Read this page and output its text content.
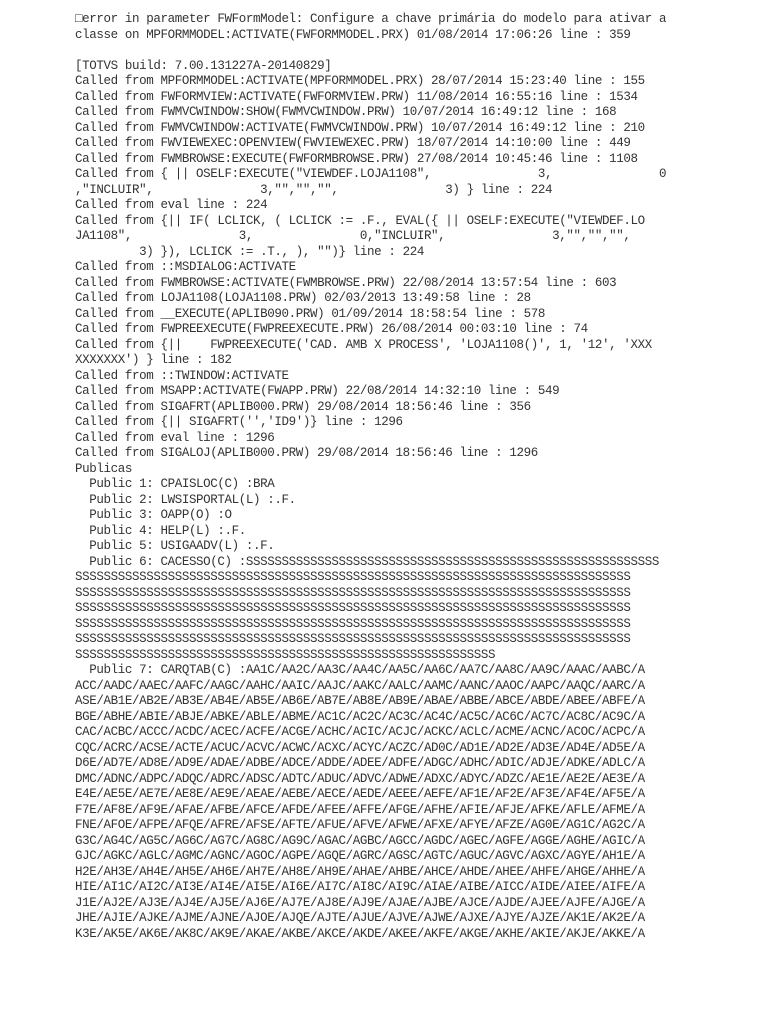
□error in parameter FWFormModel: Configure a chave primária do modelo para ativar a
classe on MPFORMMODEL:ACTIVATE(FWFORMMODEL.PRX) 01/08/2014 17:06:26 line : 359
[TOTVS build: 7.00.131227A-20140829]
Called from MPFORMMODEL:ACTIVATE(MPFORMMODEL.PRX) 28/07/2014 15:23:40 line : 155
Called from FWFORMVIEW:ACTIVATE(FWFORMVIEW.PRW) 11/08/2014 16:55:16 line : 1534
Called from FWMVCWINDOW:SHOW(FWMVCWINDOW.PRW) 10/07/2014 16:49:12 line : 168
Called from FWMVCWINDOW:ACTIVATE(FWMVCWINDOW.PRW) 10/07/2014 16:49:12 line : 210
Called from FWVIEWEXEC:OPENVIEW(FWVIEWEXEC.PRW) 18/07/2014 14:10:00 line : 449
Called from FWMBROWSE:EXECUTE(FWFORMBROWSE.PRW) 27/08/2014 10:45:46 line : 1108
Called from { || OSELF:EXECUTE("VIEWDEF.LOJA1108",               3,               0
,"INCLUIR",               3,"","","",               3) } line : 224
Called from eval line : 224
Called from {|| IF( LCLICK, ( LCLICK := .F., EVAL({ || OSELF:EXECUTE("VIEWDEF.LO
JA1108",               3,               0,"INCLUIR",               3,"","","",
3) }), LCLICK := .T., ), "")} line : 224
Called from ::MSDIALOG:ACTIVATE
Called from FWMBROWSE:ACTIVATE(FWMBROWSE.PRW) 22/08/2014 13:57:54 line : 603
Called from LOJA1108(LOJA1108.PRW) 02/03/2013 13:49:58 line : 28
Called from __EXECUTE(APLIB090.PRW) 01/09/2014 18:58:54 line : 578
Called from FWPREEXECUTE(FWPREEXECUTE.PRW) 26/08/2014 00:03:10 line : 74
Called from {||    FWPREEXECUTE('CAD. AMB X PROCESS', 'LOJA1108()', 1, '12', 'XXX
XXXXXXX') } line : 182
Called from ::TWINDOW:ACTIVATE
Called from MSAPP:ACTIVATE(FWAPP.PRW) 22/08/2014 14:32:10 line : 549
Called from SIGAFRT(APLIB000.PRW) 29/08/2014 18:56:46 line : 356
Called from {|| SIGAFRT('','ID9')} line : 1296
Called from eval line : 1296
Called from SIGALOJ(APLIB000.PRW) 29/08/2014 18:56:46 line : 1296
Publicas
Public 1: CPAISLOC(C) :BRA
Public 2: LWSISPORTAL(L) :.F.
Public 3: OAPP(O) :O
Public 4: HELP(L) :.F.
Public 5: USIGAADV(L) :.F.
Public 6: CACESSO(C) :SSSSSSSSSSSSSSSSSSSSSSSSSSSSSSSSSSSSSSSSSSSSSSSSSSSSSSSSSS
SSSSSSSSSSSSSSSSSSSSSSSSSSSSSSSSSSSSSSSSSSSSSSSSSSSSSSSSSSSSSSSSSSSSSSSSSSSSSS
SSSSSSSSSSSSSSSSSSSSSSSSSSSSSSSSSSSSSSSSSSSSSSSSSSSSSSSSSSSSSSSSSSSSSSSSSSSSSS
SSSSSSSSSSSSSSSSSSSSSSSSSSSSSSSSSSSSSSSSSSSSSSSSSSSSSSSSSSSSSSSSSSSSSSSSSSSSSS
SSSSSSSSSSSSSSSSSSSSSSSSSSSSSSSSSSSSSSSSSSSSSSSSSSSSSSSSSSSSSSSSSSSSSSSSSSSSSS
SSSSSSSSSSSSSSSSSSSSSSSSSSSSSSSSSSSSSSSSSSSSSSSSSSSSSSSSSSSSSSSSSSSSSSSSSSSSSS
SSSSSSSSSSSSSSSSSSSSSSSSSSSSSSSSSSSSSSSSSSSSSSSSSSSSSSSSSSS
Public 7: CARQTAB(C) :AA1C/AA2C/AA3C/AA4C/AA5C/AA6C/AA7C/AA8C/AA9C/AAAC/AABC/A
ACC/AADC/AAEC/AAFC/AAGC/AAHC/AAIC/AAJC/AAKC/AALC/AAMC/AANC/AAOC/AAPC/AAQC/AARC/A
ASE/AB1E/AB2E/AB3E/AB4E/AB5E/AB6E/AB7E/AB8E/AB9E/ABAE/ABBE/ABCE/ABDE/ABEE/ABFE/A
BGE/ABHE/ABIE/ABJE/ABKE/ABLE/ABME/AC1C/AC2C/AC3C/AC4C/AC5C/AC6C/AC7C/AC8C/AC9C/A
CAC/ACBC/ACCC/ACDC/ACEC/ACFE/ACGE/ACHC/ACIC/ACJC/ACKC/ACLC/ACME/ACNC/ACOC/ACPC/A
CQC/ACRC/ACSE/ACTE/ACUC/ACVC/ACWC/ACXC/ACYC/ACZC/AD0C/AD1E/AD2E/AD3E/AD4E/AD5E/A
D6E/AD7E/AD8E/AD9E/ADAE/ADBE/ADCE/ADDE/ADEE/ADFE/ADGC/ADHC/ADIC/ADJE/ADKE/ADLC/A
DMC/ADNC/ADPC/ADQC/ADRC/ADSC/ADTC/ADUC/ADVC/ADWE/ADXC/ADYC/ADZC/AE1E/AE2E/AE3E/A
E4E/AE5E/AE7E/AE8E/AE9E/AEAE/AEBE/AECE/AEDE/AEEE/AEFE/AF1E/AF2E/AF3E/AF4E/AF5E/A
F7E/AF8E/AF9E/AFAE/AFBE/AFCE/AFDE/AFEE/AFFE/AFGE/AFHE/AFIE/AFJE/AFKE/AFLE/AFME/A
FNE/AFOE/AFPE/AFQE/AFRE/AFSE/AFTE/AFUE/AFVE/AFWE/AFXE/AFYE/AFZE/AG0E/AG1C/AG2C/A
G3C/AG4C/AG5C/AG6C/AG7C/AG8C/AG9C/AGAC/AGBC/AGCC/AGDC/AGEC/AGFE/AGGE/AGHE/AGIC/A
GJC/AGKC/AGLC/AGMC/AGNC/AGOC/AGPE/AGQE/AGRC/AGSC/AGTC/AGUC/AGVC/AGXC/AGYE/AH1E/A
H2E/AH3E/AH4E/AH5E/AH6E/AH7E/AH8E/AH9E/AHAE/AHBE/AHCE/AHDE/AHEE/AHFE/AHGE/AHHE/A
HIE/AI1C/AI2C/AI3E/AI4E/AI5E/AI6E/AI7C/AI8C/AI9C/AIAE/AIBE/AICC/AIDE/AIEE/AIFE/A
J1E/AJ2E/AJ3E/AJ4E/AJ5E/AJ6E/AJ7E/AJ8E/AJ9E/AJAE/AJBE/AJCE/AJDE/AJEE/AJFE/AJGE/A
JHE/AJIE/AJKE/AJME/AJNE/AJOE/AJQE/AJTE/AJUE/AJVE/AJWE/AJXE/AJYE/AJZE/AK1E/AK2E/A
K3E/AK5E/AK6E/AK8C/AK9E/AKAE/AKBE/AKCE/AKDE/AKEE/AKFE/AKGE/AKHE/AKIE/AKJE/AKKE/A
